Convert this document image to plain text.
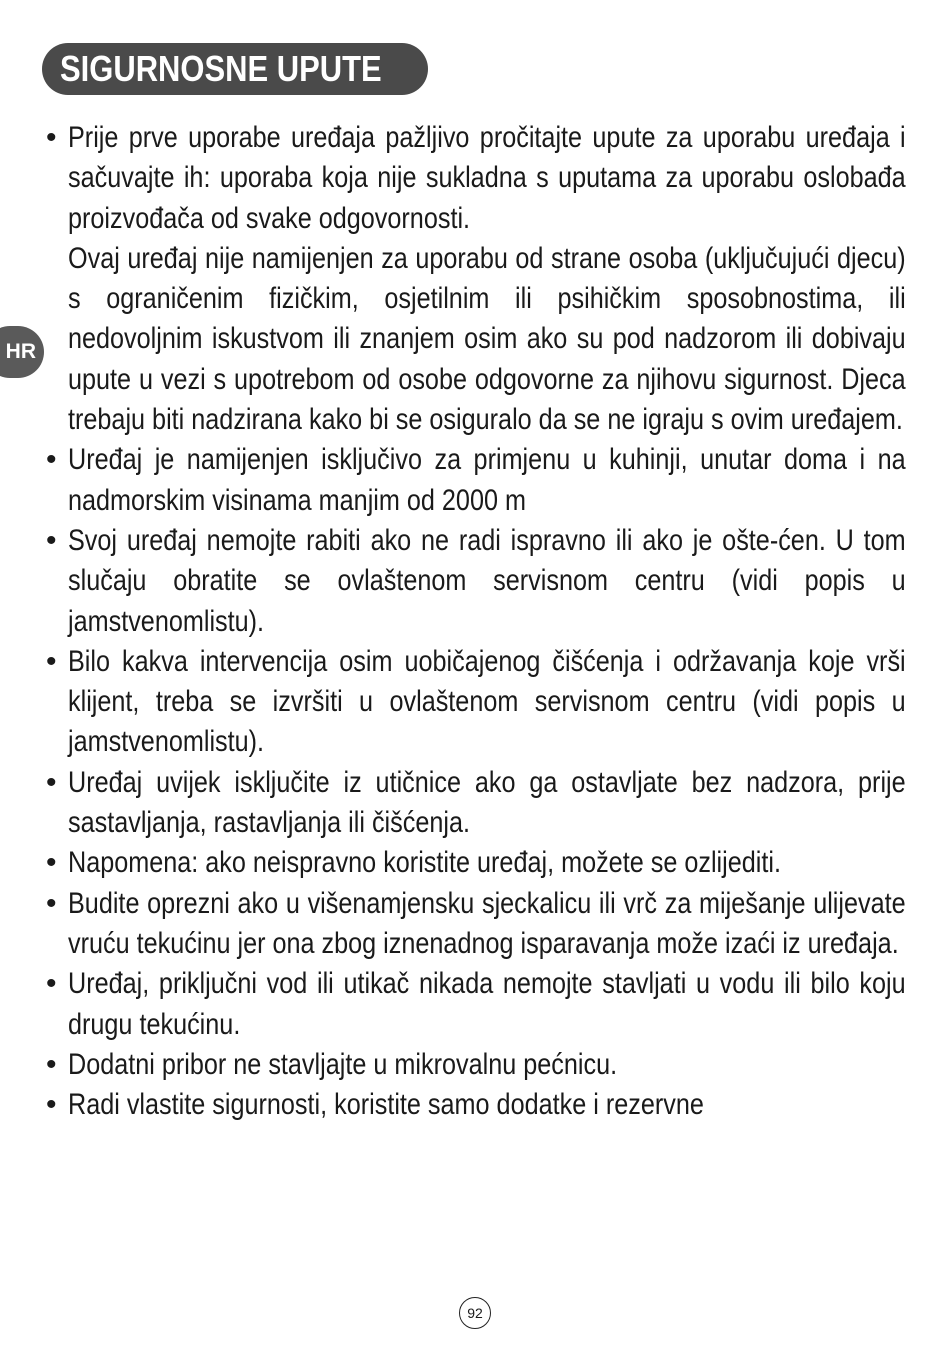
SIGURNOSNE UPUTE
HR
• Prije prve uporabe uređaja pažljivo pročitajte upute za uporabu uređaja i sačuvajte ih: uporaba koja nije sukladna s uputama za uporabu oslobađa proizvođača od svake odgovornosti.

Ovaj uređaj nije namijenjen za uporabu od strane osoba (uključujući djecu) s ograničenim fizičkim, osjetilnim ili psihičkim sposobnostima, ili nedovoljnim iskustvom ili znanjem osim ako su pod nadzorom ili dobivaju upute u vezi s upotrebom od osobe odgovorne za njihovu sigurnost. Djeca trebaju biti nadzirana kako bi se osiguralo da se ne igraju s ovim uređajem.

• Uređaj je namijenjen isključivo za primjenu u kuhinji, unutar doma i na nadmorskim visinama manjim od 2000 m

• Svoj uređaj nemojte rabiti ako ne radi ispravno ili ako je ošte-ćen. U tom slučaju obratite se ovlaštenom servisnom centru (vidi popis u jamstvenomlistu).

• Bilo kakva intervencija osim uobičajenog čišćenja i održavanja koje vrši klijent, treba se izvršiti u ovlaštenom servisnom centru (vidi popis u jamstvenomlistu).

• Uređaj uvijek isključite iz utičnice ako ga ostavljate bez nadzora, prije sastavljanja, rastavljanja ili čišćenja.

• Napomena: ako neispravno koristite uređaj, možete se ozlijediti.

• Budite oprezni ako u višenamjensku sjeckalicu ili vrč za miješanje ulijevate vruću tekućinu jer ona zbog iznenadnog isparavanja može izaći iz uređaja.

• Uređaj, priključni vod ili utikač nikada nemojte stavljati u vodu ili bilo koju drugu tekućinu.

• Dodatni pribor ne stavljajte u mikrovalnu pećnicu.

• Radi vlastite sigurnosti, koristite samo dodatke i rezervne

92
